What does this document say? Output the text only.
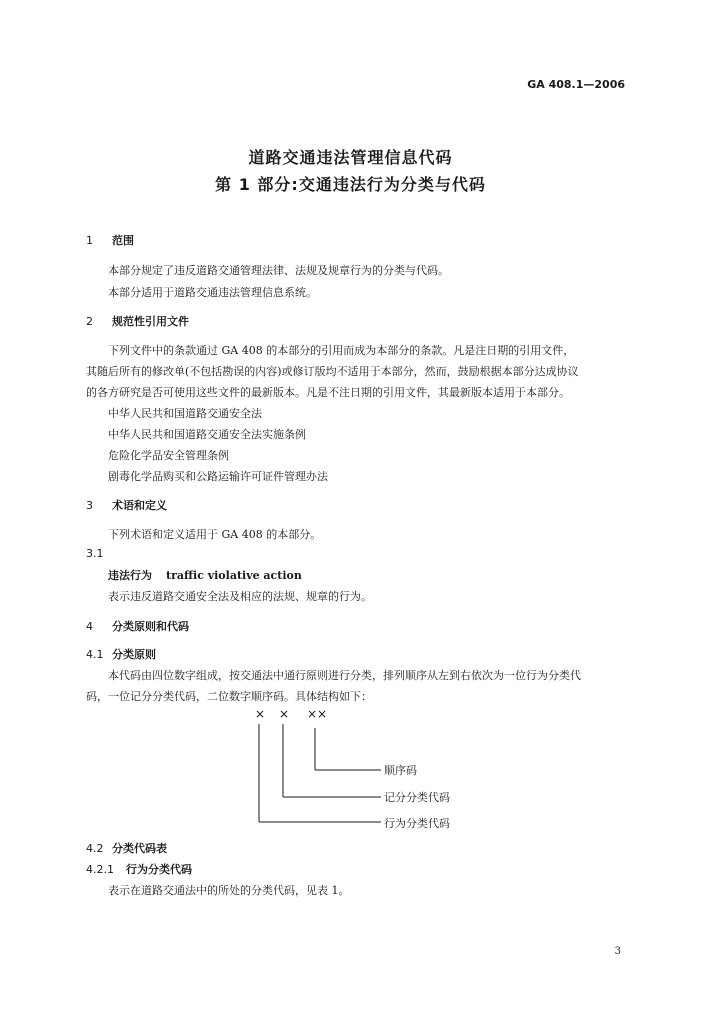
GA 408.1—2006
道路交通违法管理信息代码
第 1 部分:交通违法行为分类与代码
1 范围
本部分规定了违反道路交通管理法律、法规及规章行为的分类与代码。
本部分适用于道路交通违法管理信息系统。
2 规范性引用文件
下列文件中的条款通过 GA 408 的本部分的引用而成为本部分的条款。凡是注日期的引用文件，
其随后所有的修改单(不包括勘误的内容)或修订版均不适用于本部分，然而，鼓励根据本部分达成协议
的各方研究是否可使用这些文件的最新版本。凡是不注日期的引用文件，其最新版本适用于本部分。
中华人民共和国道路交通安全法
中华人民共和国道路交通安全法实施条例
危险化学品安全管理条例
剧毒化学品购买和公路运输许可证件管理办法
3 术语和定义
下列术语和定义适用于 GA 408 的本部分。
3.1
违法行为 traffic violative action
表示违反道路交通安全法及相应的法规、规章的行为。
4 分类原则和代码
4.1 分类原则
本代码由四位数字组成，按交通法中通行原则进行分类，排列顺序从左到右依次为一位行为分类代
码，一位记分分类代码，二位数字顺序码。具体结构如下：
× × ××
顺序码
记分分类代码
行为分类代码
4.2 分类代码表
4.2.1 行为分类代码
表示在道路交通法中的所处的分类代码，见表 1。
3
